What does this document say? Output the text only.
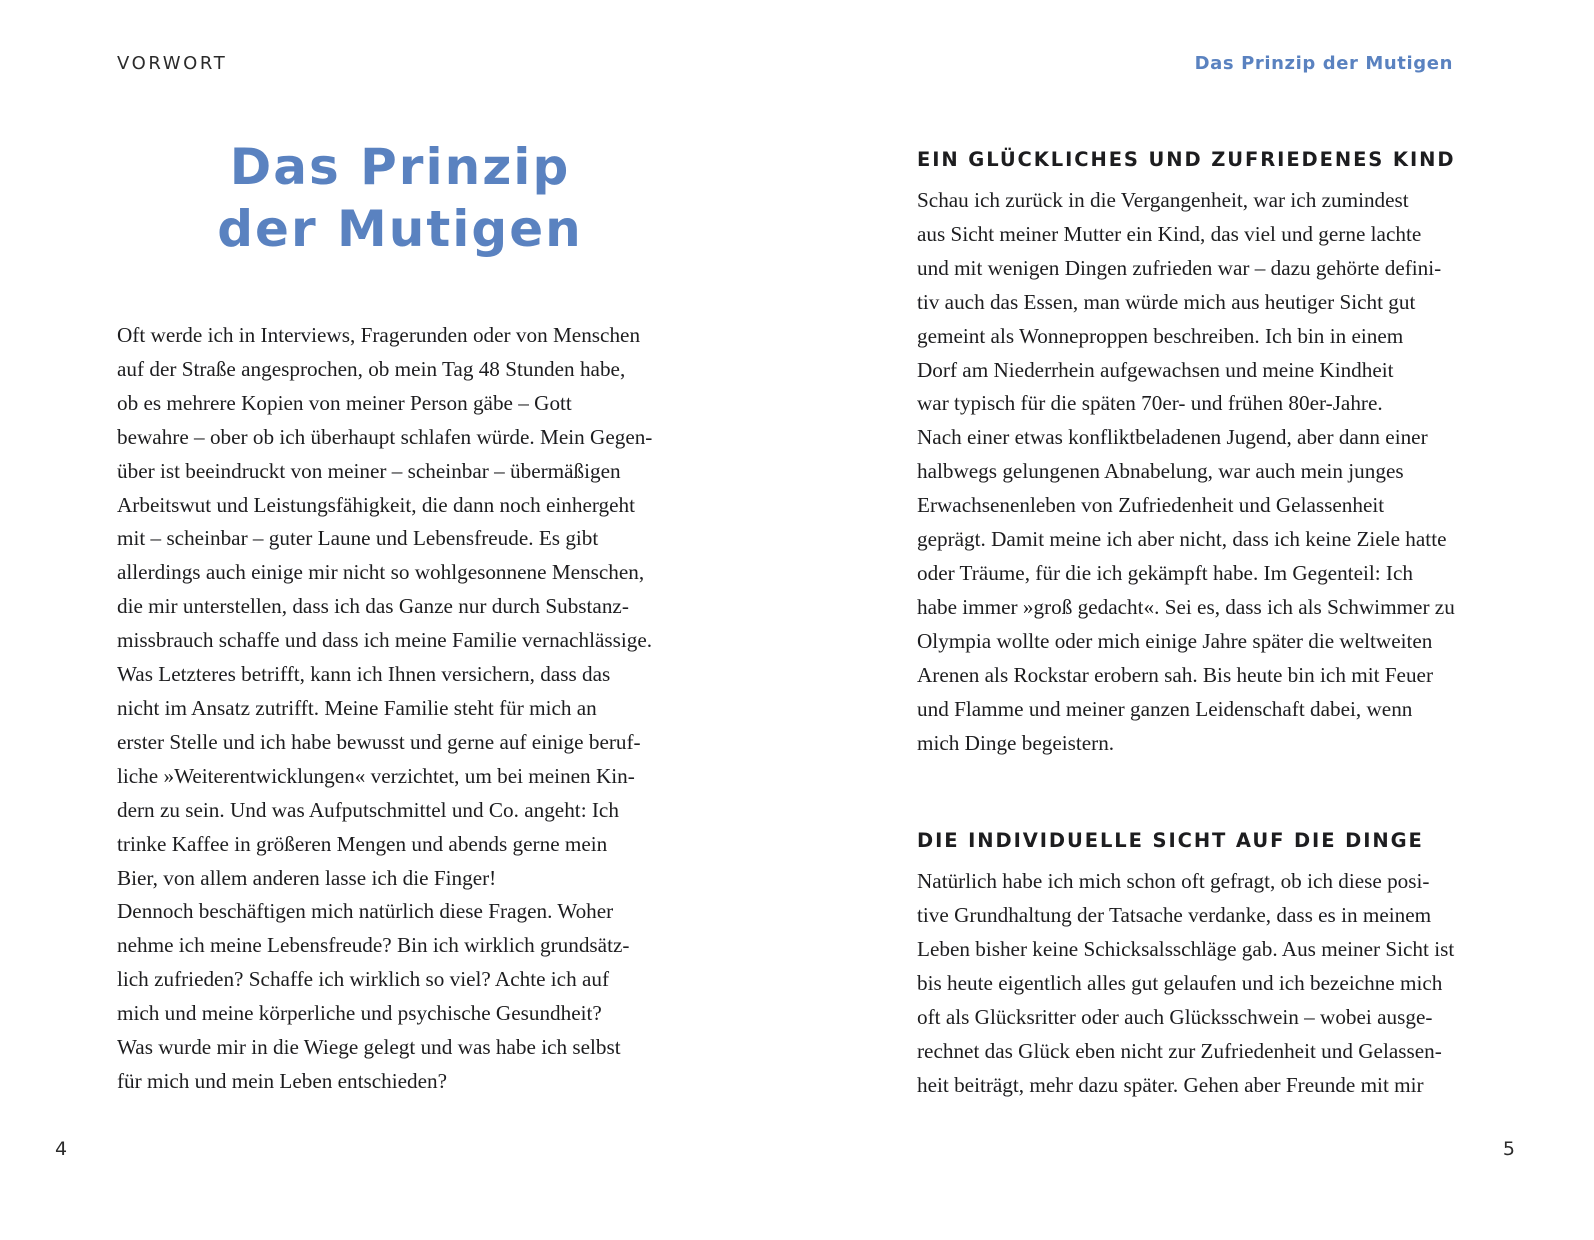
VORWORT	Das Prinzip der Mutigen
Das Prinzip
der Mutigen
Oft werde ich in Interviews, Fragerunden oder von Menschen
auf der Straße angesprochen, ob mein Tag 48 Stunden habe,
ob es mehrere Kopien von meiner Person gäbe – Gott
bewahre – ober ob ich überhaupt schlafen würde. Mein Gegen-
über ist beeindruckt von meiner – scheinbar – übermäßigen
Arbeitswut und Leistungsfähigkeit, die dann noch einhergeht
mit – scheinbar – guter Laune und Lebensfreude. Es gibt
allerdings auch einige mir nicht so wohlgesonnene Menschen,
die mir unterstellen, dass ich das Ganze nur durch Substanz-
missbrauch schaffe und dass ich meine Familie vernachlässige.
Was Letzteres betrifft, kann ich Ihnen versichern, dass das
nicht im Ansatz zutrifft. Meine Familie steht für mich an
erster Stelle und ich habe bewusst und gerne auf einige beruf-
liche »Weiterentwicklungen« verzichtet, um bei meinen Kin-
dern zu sein. Und was Aufputschmittel und Co. angeht: Ich
trinke Kaffee in größeren Mengen und abends gerne mein
Bier, von allem anderen lasse ich die Finger!
Dennoch beschäftigen mich natürlich diese Fragen. Woher
nehme ich meine Lebensfreude? Bin ich wirklich grundsätz-
lich zufrieden? Schaffe ich wirklich so viel? Achte ich auf
mich und meine körperliche und psychische Gesundheit?
Was wurde mir in die Wiege gelegt und was habe ich selbst
für mich und mein Leben entschieden?
EIN GLÜCKLICHES UND ZUFRIEDENES KIND
Schau ich zurück in die Vergangenheit, war ich zumindest
aus Sicht meiner Mutter ein Kind, das viel und gerne lachte
und mit wenigen Dingen zufrieden war – dazu gehörte defini-
tiv auch das Essen, man würde mich aus heutiger Sicht gut
gemeint als Wonneproppen beschreiben. Ich bin in einem
Dorf am Niederrhein aufgewachsen und meine Kindheit
war typisch für die späten 70er- und frühen 80er-Jahre.
Nach einer etwas konfliktbeladenen Jugend, aber dann einer
halbwegs gelungenen Abnabelung, war auch mein junges
Erwachsenenleben von Zufriedenheit und Gelassenheit
geprägt. Damit meine ich aber nicht, dass ich keine Ziele hatte
oder Träume, für die ich gekämpft habe. Im Gegenteil: Ich
habe immer »groß gedacht«. Sei es, dass ich als Schwimmer zu
Olympia wollte oder mich einige Jahre später die weltweiten
Arenen als Rockstar erobern sah. Bis heute bin ich mit Feuer
und Flamme und meiner ganzen Leidenschaft dabei, wenn
mich Dinge begeistern.
DIE INDIVIDUELLE SICHT AUF DIE DINGE
Natürlich habe ich mich schon oft gefragt, ob ich diese posi-
tive Grundhaltung der Tatsache verdanke, dass es in meinem
Leben bisher keine Schicksalsschläge gab. Aus meiner Sicht ist
bis heute eigentlich alles gut gelaufen und ich bezeichne mich
oft als Glücksritter oder auch Glücksschwein – wobei ausge-
rechnet das Glück eben nicht zur Zufriedenheit und Gelassen-
heit beiträgt, mehr dazu später. Gehen aber Freunde mit mir
4	5
